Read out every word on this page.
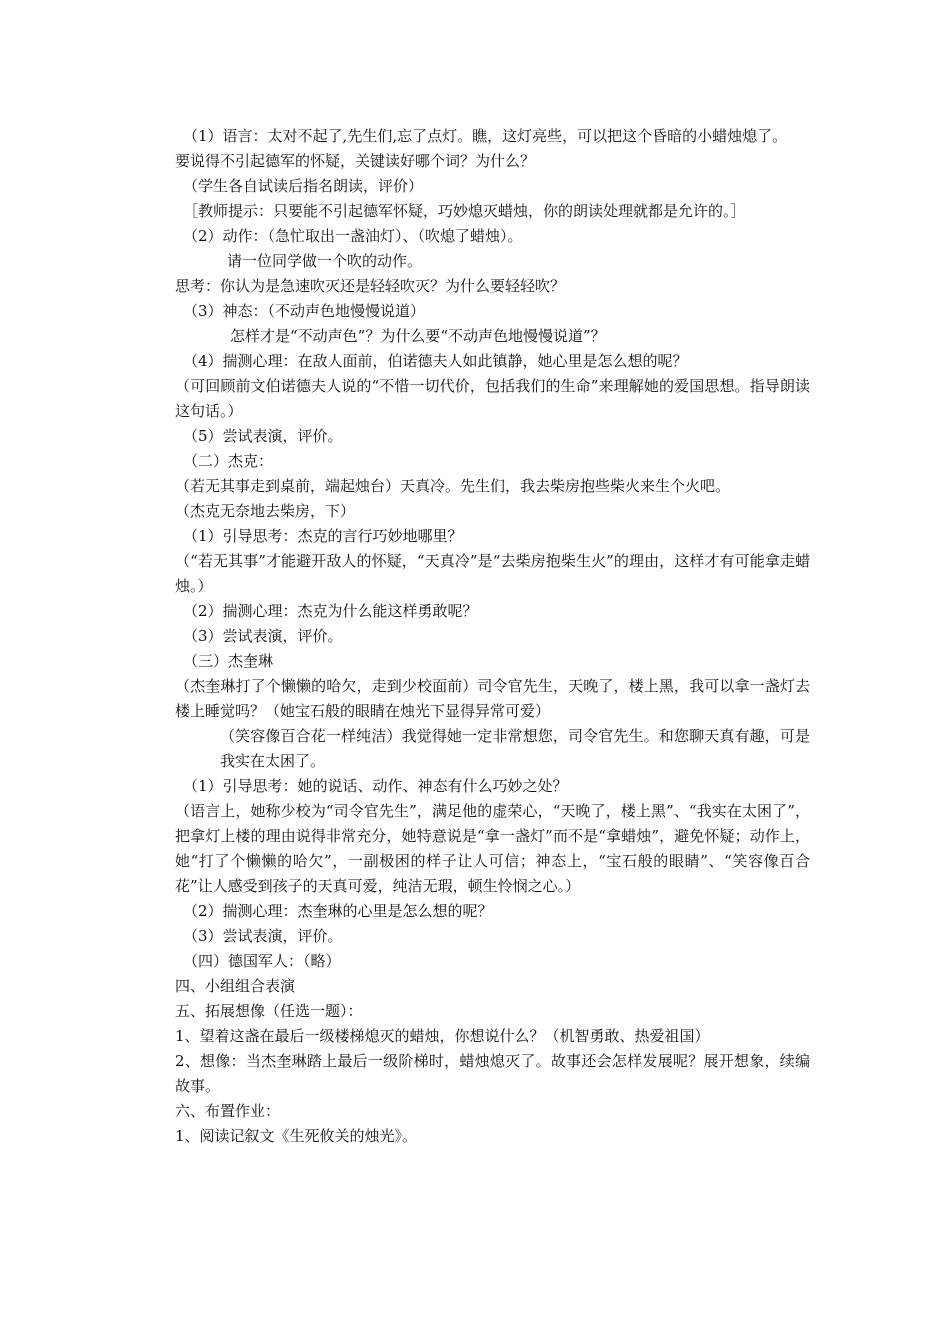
（1）语言：太对不起了,先生们,忘了点灯。瞧，这灯亮些，可以把这个昏暗的小蜡烛熄了。
要说得不引起德军的怀疑，关键读好哪个词？为什么？
（学生各自试读后指名朗读，评价）
［教师提示：只要能不引起德军怀疑，巧妙熄灭蜡烛，你的朗读处理就都是允许的。］
（2）动作：（急忙取出一盏油灯）、（吹熄了蜡烛）。
请一位同学做一个吹的动作。
思考：你认为是急速吹灭还是轻轻吹灭？为什么要轻轻吹？
（3）神态：（不动声色地慢慢说道）
怎样才是“不动声色”？为什么要“不动声色地慢慢说道”？
（4）揣测心理：在敌人面前，伯诺德夫人如此镇静，她心里是怎么想的呢？
（可回顾前文伯诺德夫人说的“不惜一切代价，包括我们的生命”来理解她的爱国思想。指导朗读这句话。）
（5）尝试表演，评价。
（二）杰克：
（若无其事走到桌前，端起烛台）天真冷。先生们，我去柴房抱些柴火来生个火吧。
（杰克无奈地去柴房，下）
（1）引导思考：杰克的言行巧妙地哪里？
（“若无其事”才能避开敌人的怀疑，“天真冷”是“去柴房抱柴生火”的理由，这样才有可能拿走蜡烛。）
（2）揣测心理：杰克为什么能这样勇敢呢？
（3）尝试表演，评价。
（三）杰奎琳
（杰奎琳打了个懒懒的哈欠，走到少校面前）司令官先生，天晚了，楼上黑，我可以拿一盏灯去楼上睡觉吗？（她宝石般的眼睛在烛光下显得异常可爱）
（笑容像百合花一样纯洁）我觉得她一定非常想您，司令官先生。和您聊天真有趣，可是我实在太困了。
（1）引导思考：她的说话、动作、神态有什么巧妙之处？
（语言上，她称少校为“司令官先生”，满足他的虚荣心，“天晚了，楼上黑”、“我实在太困了”，把拿灯上楼的理由说得非常充分，她特意说是“拿一盏灯”而不是“拿蜡烛”，避免怀疑；动作上，她“打了个懒懒的哈欠”，一副极困的样子让人可信；神态上，“宝石般的眼睛”、“笑容像百合花”让人感受到孩子的天真可爱，纯洁无瑕，顿生怜悯之心。）
（2）揣测心理：杰奎琳的心里是怎么想的呢？
（3）尝试表演，评价。
（四）德国军人：（略）
四、小组组合表演
五、拓展想像（任选一题）：
1、望着这盏在最后一级楼梯熄灭的蜡烛，你想说什么？（机智勇敢、热爱祖国）
2、想像：当杰奎琳踏上最后一级阶梯时，蜡烛熄灭了。故事还会怎样发展呢？展开想象，续编故事。
六、布置作业：
1、阅读记叙文《生死攸关的烛光》。
